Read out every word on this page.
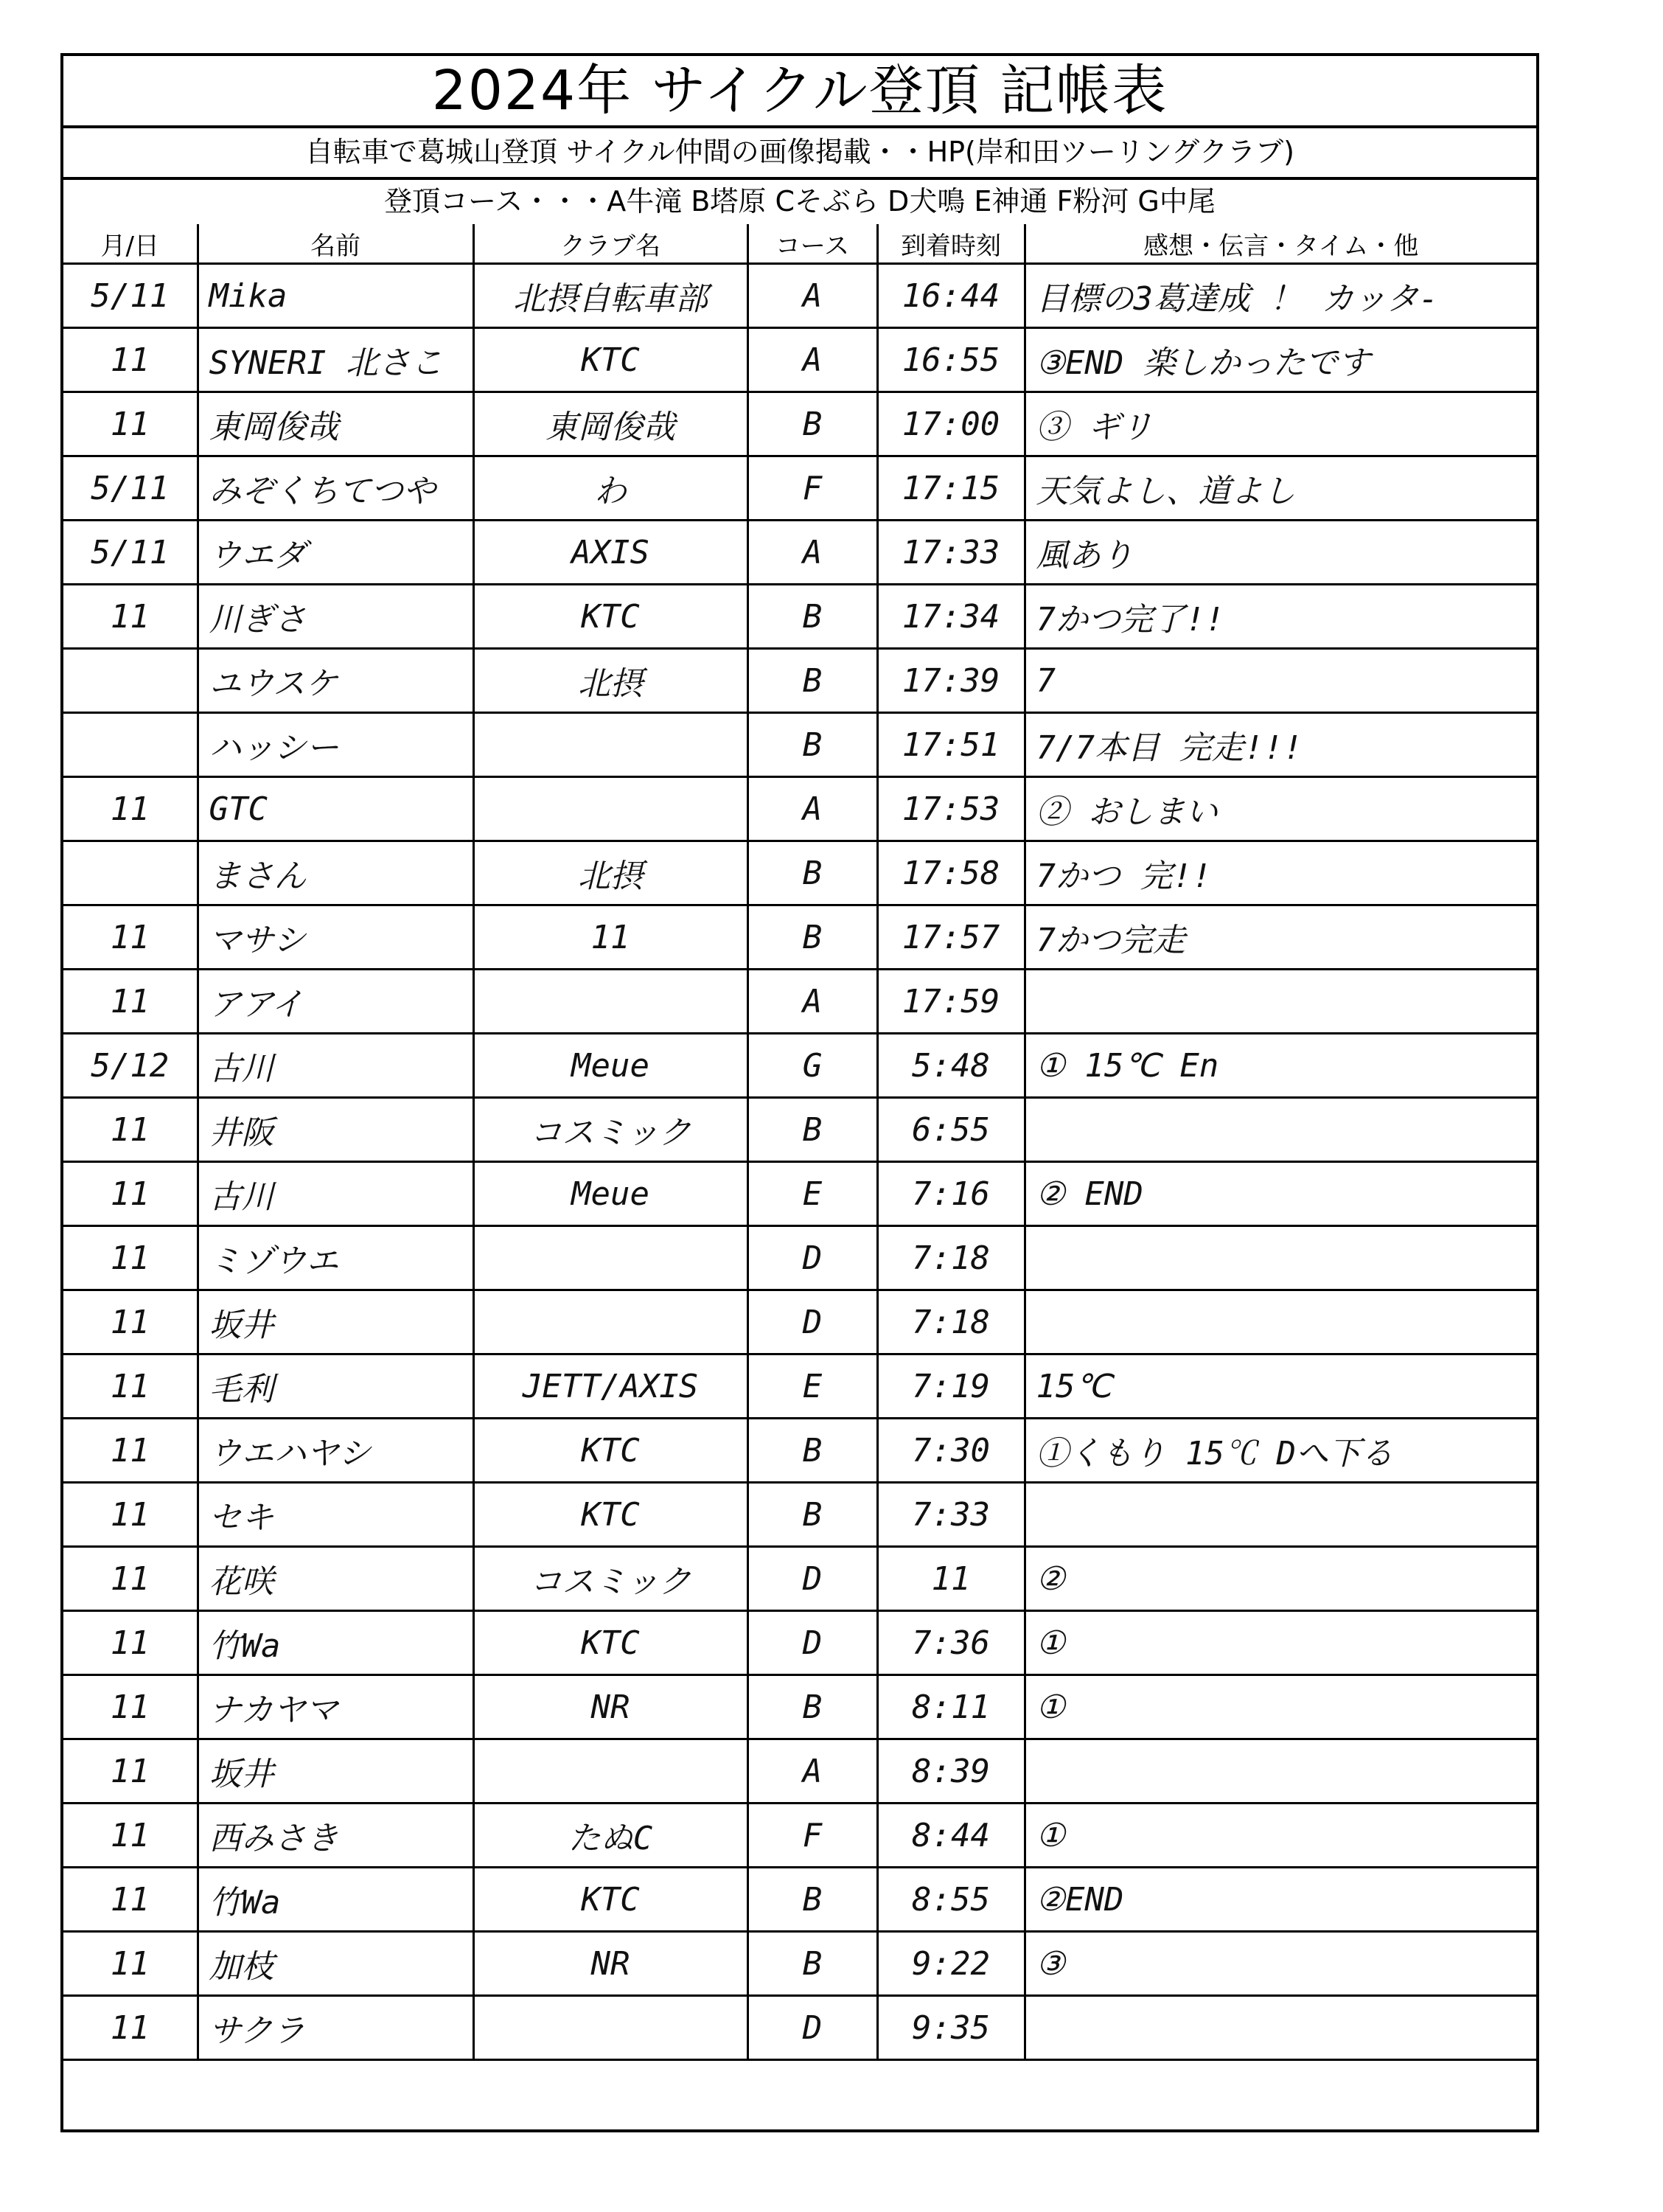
2024年 サイクル登頂 記帳表
自転車で葛城山登頂 サイクル仲間の画像掲載・・HP(岸和田ツーリングクラブ)
登頂コース・・・A牛滝 B塔原 Cそぶら D犬鳴 E神通 F粉河 G中尾
月/日	名前	クラブ名	コース	到着時刻	感想・伝言・タイム・他
5/11	Mika	北摂自転車部	A	16:44	目標の3葛達成 ！ カッタ-
11	SYNERI 北さこ	KTC	A	16:55	③END 楽しかったです
11	東岡俊哉	東岡俊哉	B	17:00	③ ギリ
5/11	みぞくちてつや	わ	F	17:15	天気よし、道よし
5/11	ウエダ	AXIS	A	17:33	風あり
11	川ぎさ	KTC	B	17:34	7かつ完了!!
	ユウスケ	北摂	B	17:39	7
	ハッシー		B	17:51	7/7本目 完走!!!
11	GTC		A	17:53	② おしまい
	まさん	北摂	B	17:58	7かつ 完!!
11	マサシ	11	B	17:57	7かつ完走
11	アアイ		A	17:59	
5/12	古川	Meue	G	5:48	① 15℃ En
11	井阪	コスミック	B	6:55	
11	古川	Meue	E	7:16	② END
11	ミゾウエ		D	7:18	
11	坂井		D	7:18	
11	毛利	JETT/AXIS	E	7:19	15℃
11	ウエハヤシ	KTC	B	7:30	①くもり 15℃ Dへ下る
11	セキ	KTC	B	7:33	
11	花咲	コスミック	D	11	②
11	竹Wa	KTC	D	7:36	①
11	ナカヤマ	NR	B	8:11	①
11	坂井		A	8:39	
11	西みさき	たぬC	F	8:44	①
11	竹Wa	KTC	B	8:55	②END
11	加枝	NR	B	9:22	③
11	サクラ		D	9:35	
